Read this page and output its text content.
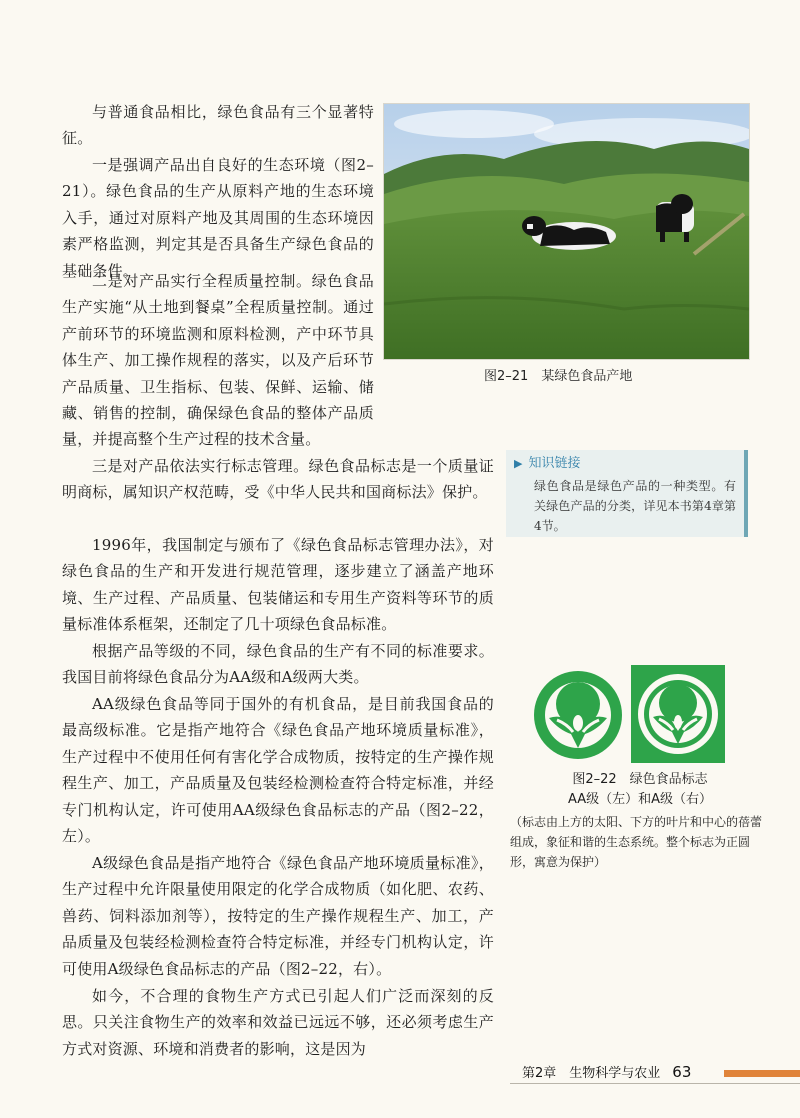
与普通食品相比，绿色食品有三个显著特征。

一是强调产品出自良好的生态环境（图2–21）。绿色食品的生产从原料产地的生态环境入手，通过对原料产地及其周围的生态环境因素严格监测，判定其是否具备生产绿色食品的基础条件。

二是对产品实行全程质量控制。绿色食品生产实施“从土地到餐桌”全程质量控制。通过产前环节的环境监测和原料检测，产中环节具体生产、加工操作规程的落实，以及产后环节产品质量、卫生指标、包装、保鲜、运输、储藏、销售的控制，确保绿色食品的整体产品质量，并提高整个生产过程的技术含量。

图2–21　某绿色食品产地

▶ 知识链接

绿色食品是绿色产品的一种类型。有关绿色产品的分类，详见本书第4章第4节。

三是对产品依法实行标志管理。绿色食品标志是一个质量证明商标，属知识产权范畴，受《中华人民共和国商标法》保护。

1996年，我国制定与颁布了《绿色食品标志管理办法》，对绿色食品的生产和开发进行规范管理，逐步建立了涵盖产地环境、生产过程、产品质量、包装储运和专用生产资料等环节的质量标准体系框架，还制定了几十项绿色食品标准。

根据产品等级的不同，绿色食品的生产有不同的标准要求。我国目前将绿色食品分为AA级和A级两大类。

AA级绿色食品等同于国外的有机食品，是目前我国食品的最高级标准。它是指产地符合《绿色食品产地环境质量标准》，生产过程中不使用任何有害化学合成物质，按特定的生产操作规程生产、加工，产品质量及包装经检测检查符合特定标准，并经专门机构认定，许可使用AA级绿色食品标志的产品（图2–22，左）。

A级绿色食品是指产地符合《绿色食品产地环境质量标准》，生产过程中允许限量使用限定的化学合成物质（如化肥、农药、兽药、饲料添加剂等），按特定的生产操作规程生产、加工，产品质量及包装经检测检查符合特定标准，并经专门机构认定，许可使用A级绿色食品标志的产品（图2–22，右）。

如今，不合理的食物生产方式已引起人们广泛而深刻的反思。只关注食物生产的效率和效益已远远不够，还必须考虑生产方式对资源、环境和消费者的影响，这是因为

图2–22　绿色食品标志
AA级（左）和A级（右）
（标志由上方的太阳、下方的叶片和中心的蓓蕾组成，象征和谐的生态系统。整个标志为正圆形，寓意为保护）
第2章　生物科学与农业 63
